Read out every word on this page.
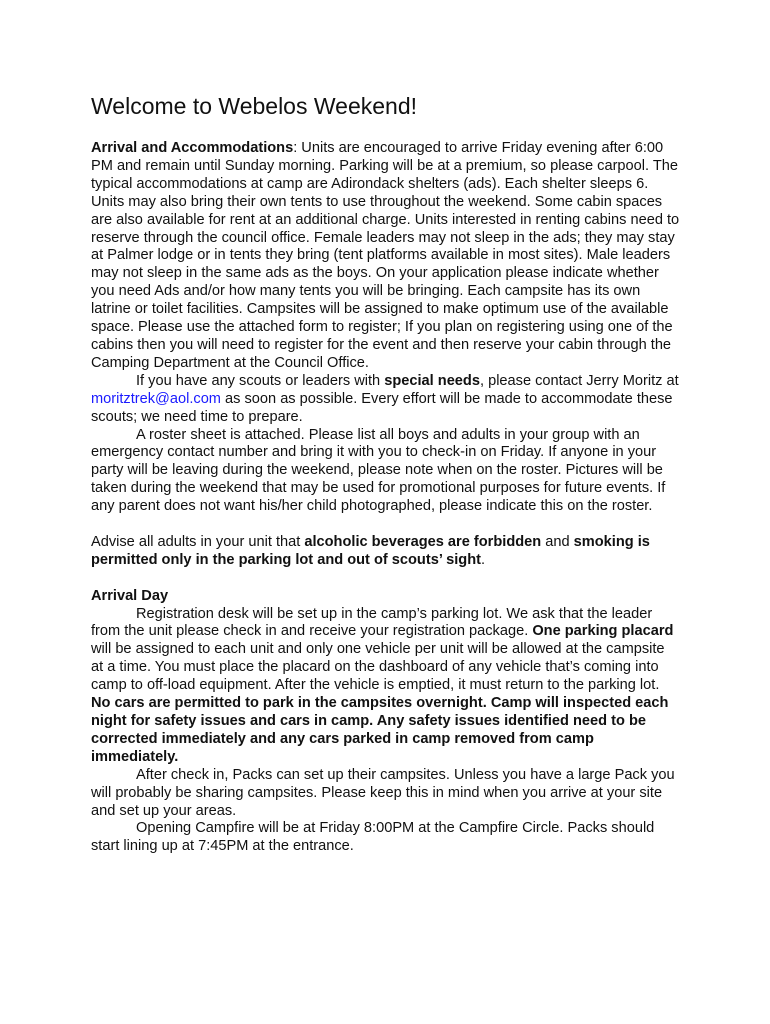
Welcome to Webelos Weekend!

Arrival and Accommodations: Units are encouraged to arrive Friday evening after 6:00 PM and remain until Sunday morning. Parking will be at a premium, so please carpool. The typical accommodations at camp are Adirondack shelters (ads). Each shelter sleeps 6. Units may also bring their own tents to use throughout the weekend. Some cabin spaces are also available for rent at an additional charge. Units interested in renting cabins need to reserve through the council office. Female leaders may not sleep in the ads; they may stay at Palmer lodge or in tents they bring (tent platforms available in most sites). Male leaders may not sleep in the same ads as the boys. On your application please indicate whether you need Ads and/or how many tents you will be bringing. Each campsite has its own latrine or toilet facilities. Campsites will be assigned to make optimum use of the available space. Please use the attached form to register; If you plan on registering using one of the cabins then you will need to register for the event and then reserve your cabin through the Camping Department at the Council Office.

If you have any scouts or leaders with special needs, please contact Jerry Moritz at moritztrek@aol.com as soon as possible. Every effort will be made to accommodate these scouts; we need time to prepare.

A roster sheet is attached. Please list all boys and adults in your group with an emergency contact number and bring it with you to check-in on Friday. If anyone in your party will be leaving during the weekend, please note when on the roster. Pictures will be taken during the weekend that may be used for promotional purposes for future events. If any parent does not want his/her child photographed, please indicate this on the roster.

Advise all adults in your unit that alcoholic beverages are forbidden and smoking is permitted only in the parking lot and out of scouts’ sight.

Arrival Day

Registration desk will be set up in the camp’s parking lot. We ask that the leader from the unit please check in and receive your registration package. One parking placard will be assigned to each unit and only one vehicle per unit will be allowed at the campsite at a time. You must place the placard on the dashboard of any vehicle that’s coming into camp to off-load equipment. After the vehicle is emptied, it must return to the parking lot. No cars are permitted to park in the campsites overnight. Camp will inspected each night for safety issues and cars in camp. Any safety issues identified need to be corrected immediately and any cars parked in camp removed from camp immediately.

After check in, Packs can set up their campsites. Unless you have a large Pack you will probably be sharing campsites. Please keep this in mind when you arrive at your site and set up your areas.

Opening Campfire will be at Friday 8:00PM at the Campfire Circle. Packs should start lining up at 7:45PM at the entrance.
